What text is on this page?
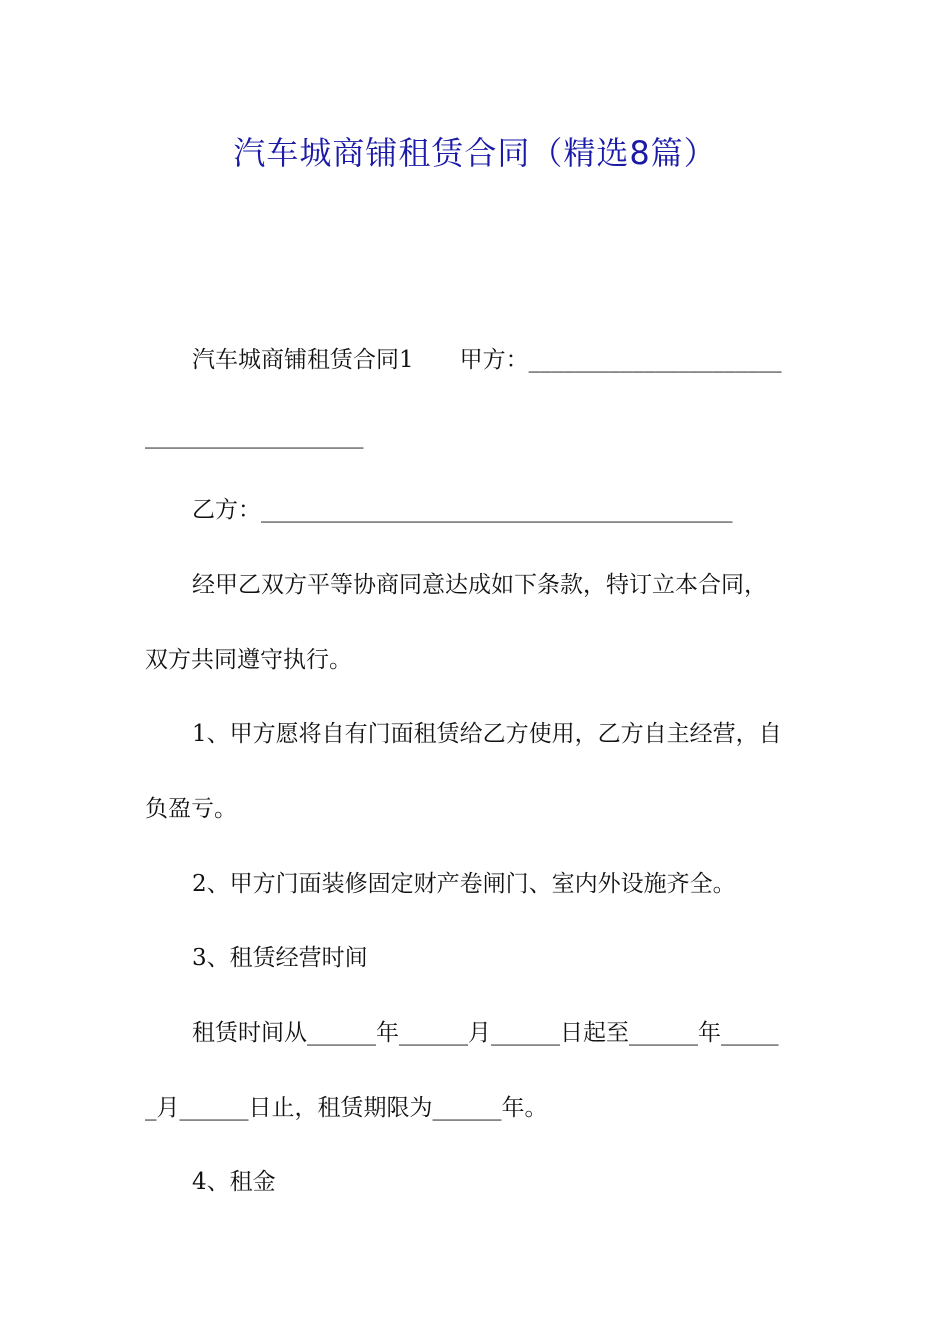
汽车城商铺租赁合同（精选8篇）
汽车城商铺租赁合同1　　甲方：______________________
___________________
乙方：_________________________________________
经甲乙双方平等协商同意达成如下条款，特订立本合同，
双方共同遵守执行。
1、甲方愿将自有门面租赁给乙方使用，乙方自主经营，自
负盈亏。
2、甲方门面装修固定财产卷闸门、室内外设施齐全。
3、租赁经营时间
租赁时间从______年______月______日起至______年_____
_月______日止，租赁期限为______年。
4、租金
